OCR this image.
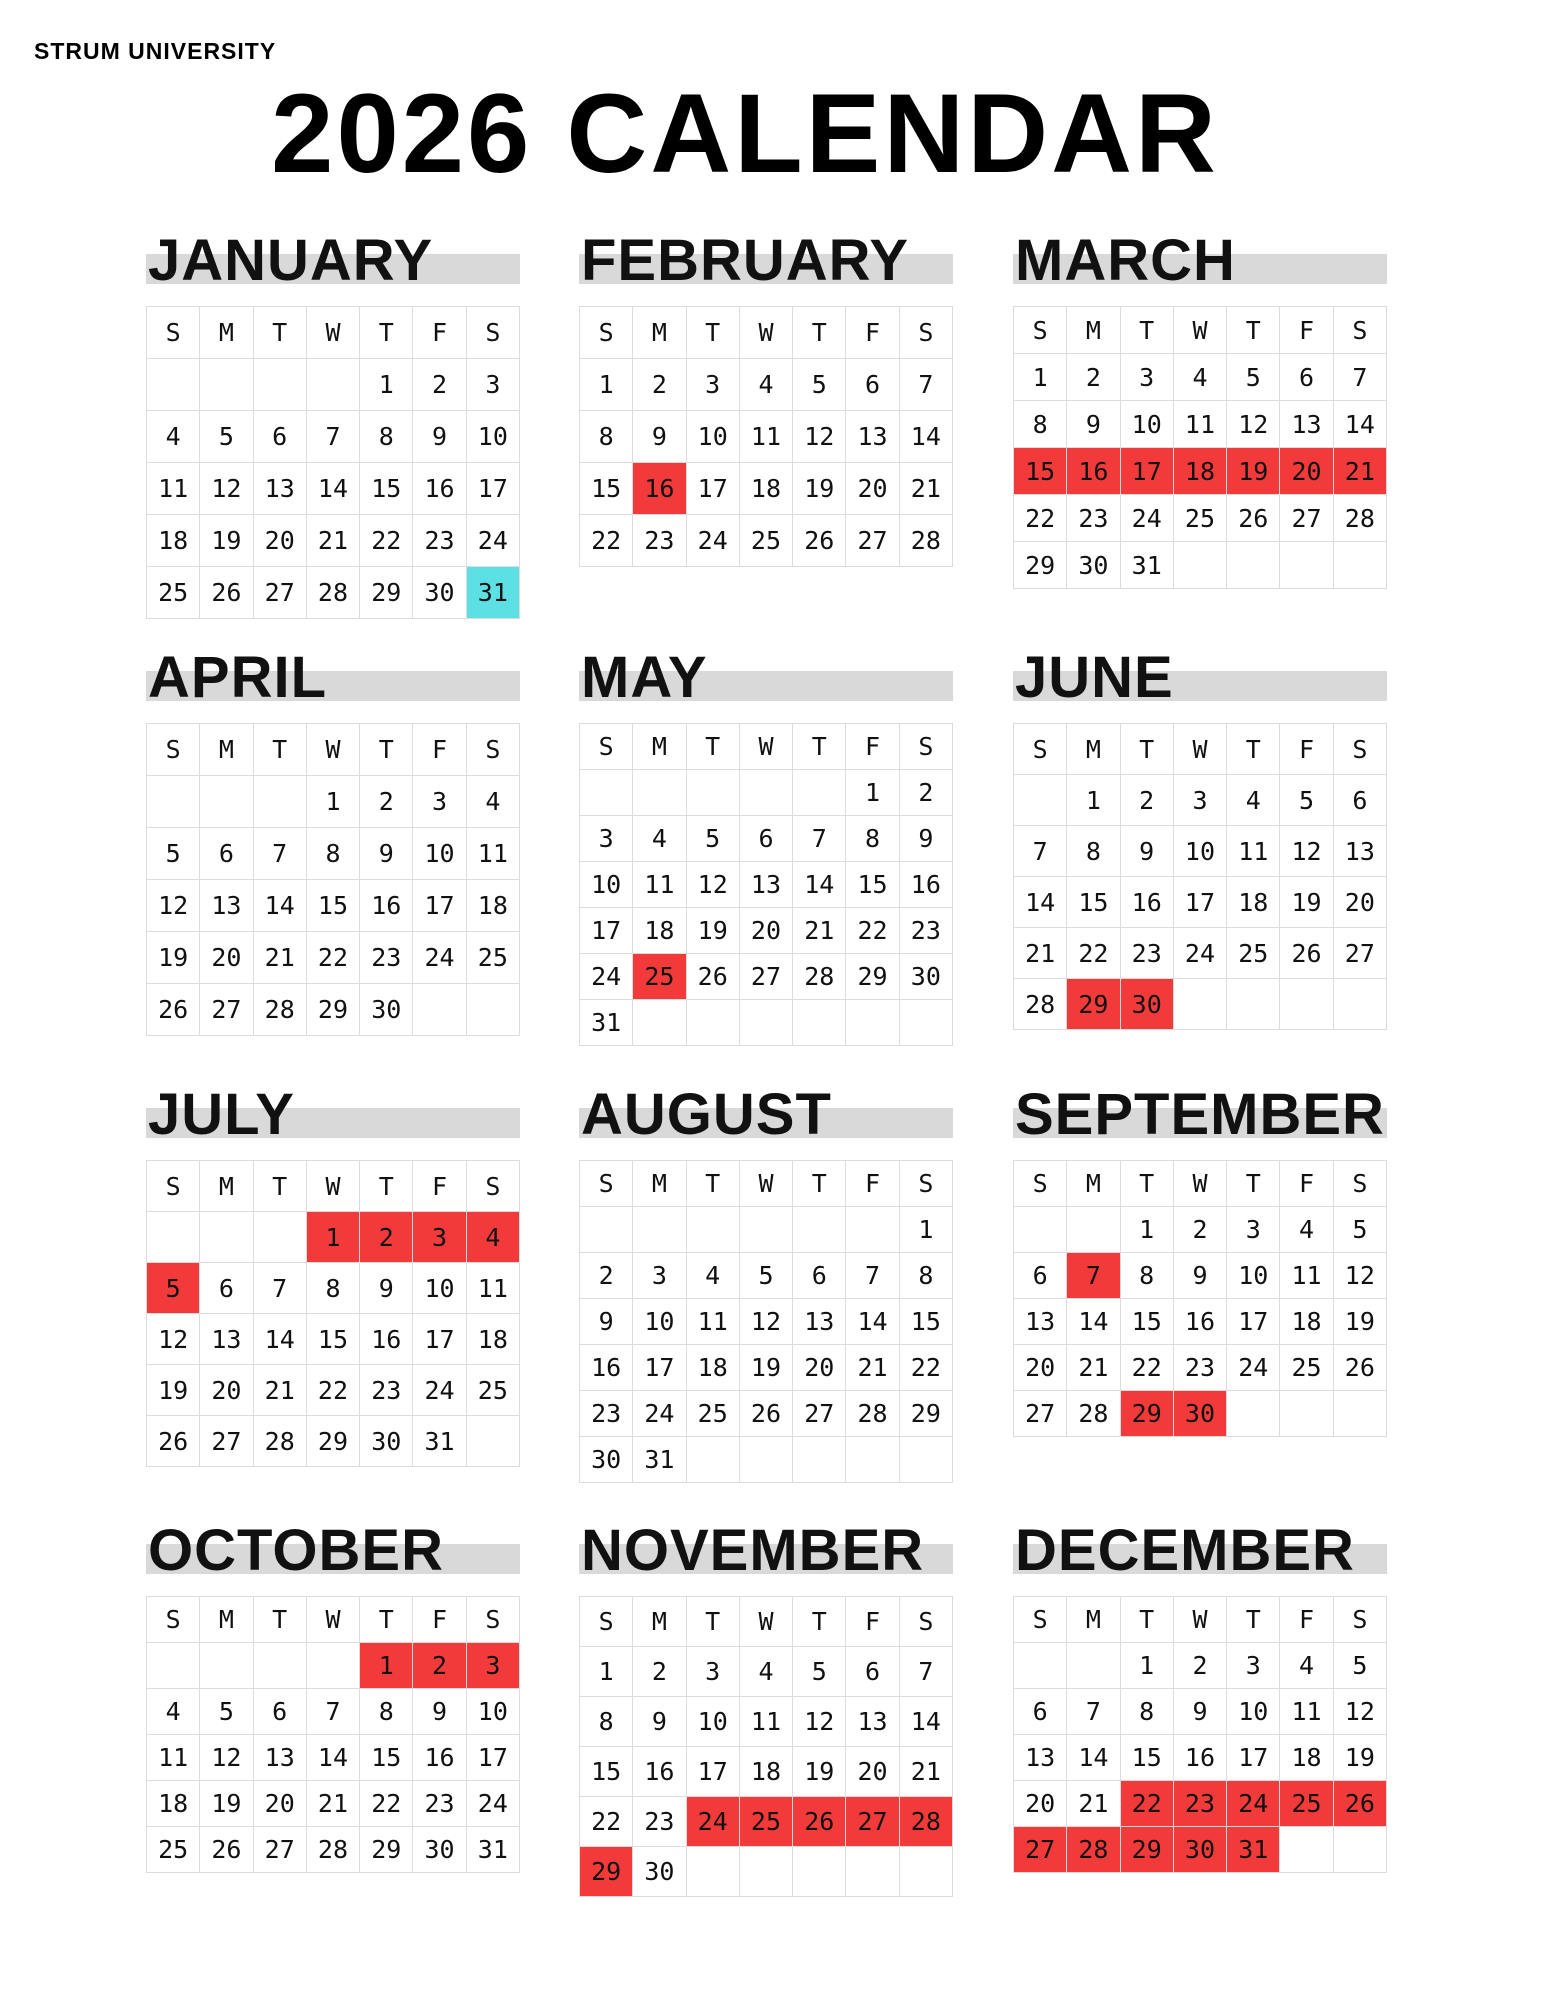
STRUM UNIVERSITY
2026 CALENDAR
JANUARY
S	M	T	W	T	F	S
				1	2	3
4	5	6	7	8	9	10
11	12	13	14	15	16	17
18	19	20	21	22	23	24
25	26	27	28	29	30	31
FEBRUARY
S	M	T	W	T	F	S
1	2	3	4	5	6	7
8	9	10	11	12	13	14
15	16	17	18	19	20	21
22	23	24	25	26	27	28
MARCH
S	M	T	W	T	F	S
1	2	3	4	5	6	7
8	9	10	11	12	13	14
15	16	17	18	19	20	21
22	23	24	25	26	27	28
29	30	31				
APRIL
S	M	T	W	T	F	S
			1	2	3	4
5	6	7	8	9	10	11
12	13	14	15	16	17	18
19	20	21	22	23	24	25
26	27	28	29	30		
MAY
S	M	T	W	T	F	S
					1	2
3	4	5	6	7	8	9
10	11	12	13	14	15	16
17	18	19	20	21	22	23
24	25	26	27	28	29	30
31						
JUNE
S	M	T	W	T	F	S
	1	2	3	4	5	6
7	8	9	10	11	12	13
14	15	16	17	18	19	20
21	22	23	24	25	26	27
28	29	30				
JULY
S	M	T	W	T	F	S
			1	2	3	4
5	6	7	8	9	10	11
12	13	14	15	16	17	18
19	20	21	22	23	24	25
26	27	28	29	30	31	
AUGUST
S	M	T	W	T	F	S
						1
2	3	4	5	6	7	8
9	10	11	12	13	14	15
16	17	18	19	20	21	22
23	24	25	26	27	28	29
30	31					
SEPTEMBER
S	M	T	W	T	F	S
		1	2	3	4	5
6	7	8	9	10	11	12
13	14	15	16	17	18	19
20	21	22	23	24	25	26
27	28	29	30			
OCTOBER
S	M	T	W	T	F	S
				1	2	3
4	5	6	7	8	9	10
11	12	13	14	15	16	17
18	19	20	21	22	23	24
25	26	27	28	29	30	31
NOVEMBER
S	M	T	W	T	F	S
1	2	3	4	5	6	7
8	9	10	11	12	13	14
15	16	17	18	19	20	21
22	23	24	25	26	27	28
29	30					
DECEMBER
S	M	T	W	T	F	S
		1	2	3	4	5
6	7	8	9	10	11	12
13	14	15	16	17	18	19
20	21	22	23	24	25	26
27	28	29	30	31		
